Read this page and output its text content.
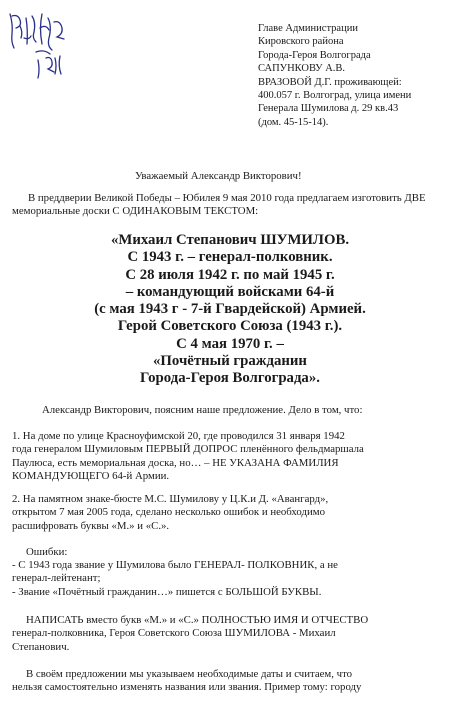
Главе Администрации
Кировского района
Города-Героя Волгограда
САПУНКОВУ А.В.
ВРАЗОВОЙ Д.Г. проживающей:
400.057 г. Волгоград, улица имени
Генерала Шумилова д. 29 кв.43
(дом. 45-15-14).
Уважаемый Александр Викторович!
В преддверии Великой Победы – Юбилея 9 мая 2010 года предлагаем изготовить ДВЕ
мемориальные доски С ОДИНАКОВЫМ ТЕКСТОМ:
«Михаил Степанович ШУМИЛОВ.
С 1943 г. – генерал-полковник.
С 28 июля 1942 г. по май 1945 г.
– командующий войсками 64-й
(с мая 1943 г - 7-й Гвардейской) Армией.
Герой Советского Союза (1943 г.).
С 4 мая 1970 г. –
«Почётный гражданин
Города-Героя Волгограда».
Александр Викторович, поясним наше предложение. Дело в том, что:
1. На доме по улице Красноуфимской 20, где проводился 31 января 1942
года генералом Шумиловым ПЕРВЫЙ ДОПРОС пленённого фельдмаршала
Паулюса, есть мемориальная доска, но… – НЕ УКАЗАНА ФАМИЛИЯ
КОМАНДУЮЩЕГО 64-й Армии.
2. На памятном знаке-бюсте М.С. Шумилову у Ц.К.и Д. «Авангард»,
открытом 7 мая 2005 года, сделано несколько ошибок и необходимо
расшифровать буквы «М.» и «С.».
Ошибки:
- С 1943 года звание у Шумилова было ГЕНЕРАЛ- ПОЛКОВНИК, а не
генерал-лейтенант;
- Звание «Почётный гражданин…» пишется с БОЛЬШОЙ БУКВЫ.
НАПИСАТЬ вместо букв «М.» и «С.» ПОЛНОСТЬЮ ИМЯ И ОТЧЕСТВО
генерал-полковника, Героя Советского Союза ШУМИЛОВА - Михаил
Степанович.
В своём предложении мы указываем необходимые даты и считаем, что
нельзя самостоятельно изменять названия или звания. Пример тому: городу
